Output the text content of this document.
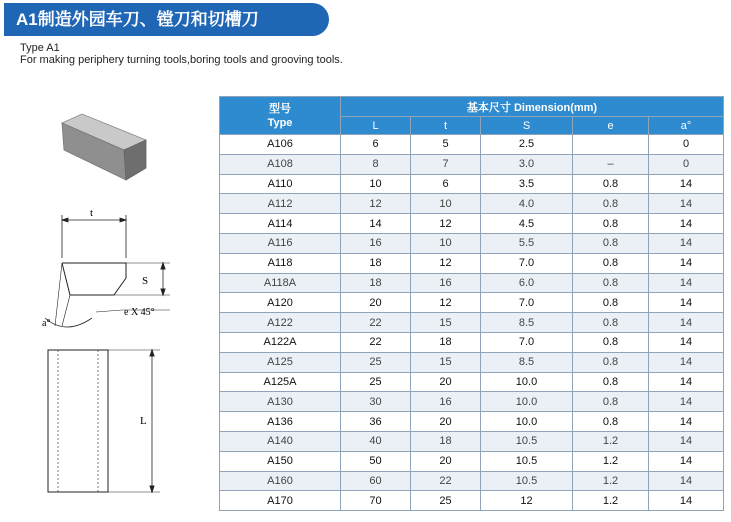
A1制造外园车刀、镗刀和切槽刀
Type A1
For making periphery turning tools,boring tools and grooving tools.
t
S
a°
e X 45°
L
型号
Type	基本尺寸 Dimension(mm)				
	L	t	S	e	a°
A106	6	5	2.5		0
A108	8	7	3.0	–	0
A110	10	6	3.5	0.8	14
A112	12	10	4.0	0.8	14
A114	14	12	4.5	0.8	14
A116	16	10	5.5	0.8	14
A118	18	12	7.0	0.8	14
A118A	18	16	6.0	0.8	14
A120	20	12	7.0	0.8	14
A122	22	15	8.5	0.8	14
A122A	22	18	7.0	0.8	14
A125	25	15	8.5	0.8	14
A125A	25	20	10.0	0.8	14
A130	30	16	10.0	0.8	14
A136	36	20	10.0	0.8	14
A140	40	18	10.5	1.2	14
A150	50	20	10.5	1.2	14
A160	60	22	10.5	1.2	14
A170	70	25	12	1.2	14
